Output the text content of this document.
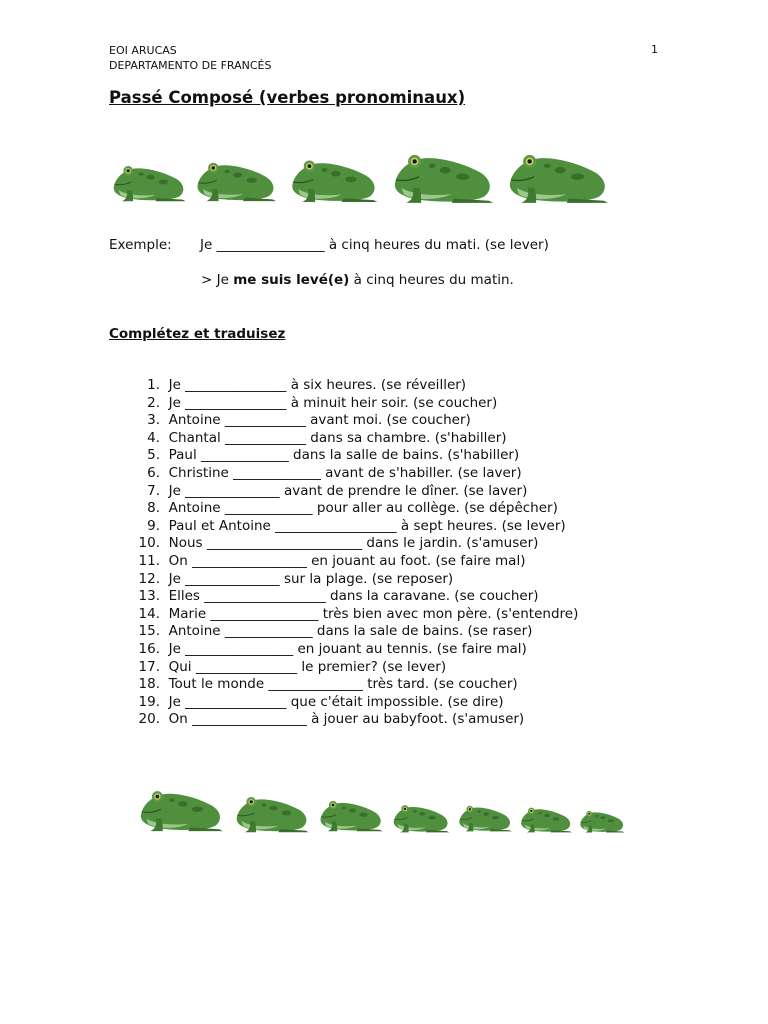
EOI ARUCAS
DEPARTAMENTO DE FRANCÉS
1
Passé Composé (verbes pronominaux)
Exemple: Je ________________ à cinq heures du mati. (se lever)
> Je me suis levé(e) à cinq heures du matin.
Complétez et traduisez
1. Je _______________ à six heures. (se réveiller)
2. Je _______________ à minuit heir soir. (se coucher)
3. Antoine ____________ avant moi. (se coucher)
4. Chantal ____________ dans sa chambre. (s'habiller)
5. Paul _____________ dans la salle de bains. (s'habiller)
6. Christine _____________ avant de s'habiller. (se laver)
7. Je ______________ avant de prendre le dîner. (se laver)
8. Antoine _____________ pour aller au collège. (se dépêcher)
9. Paul et Antoine __________________ à sept heures. (se lever)
10. Nous _______________________ dans le jardin. (s'amuser)
11. On _________________ en jouant au foot. (se faire mal)
12. Je ______________ sur la plage. (se reposer)
13. Elles __________________ dans la caravane. (se coucher)
14. Marie ________________ très bien avec mon père. (s'entendre)
15. Antoine _____________ dans la sale de bains. (se raser)
16. Je ________________ en jouant au tennis. (se faire mal)
17. Qui _______________ le premier? (se lever)
18. Tout le monde ______________ très tard. (se coucher)
19. Je _______________ que c'était impossible. (se dire)
20. On _________________ à jouer au babyfoot. (s'amuser)
